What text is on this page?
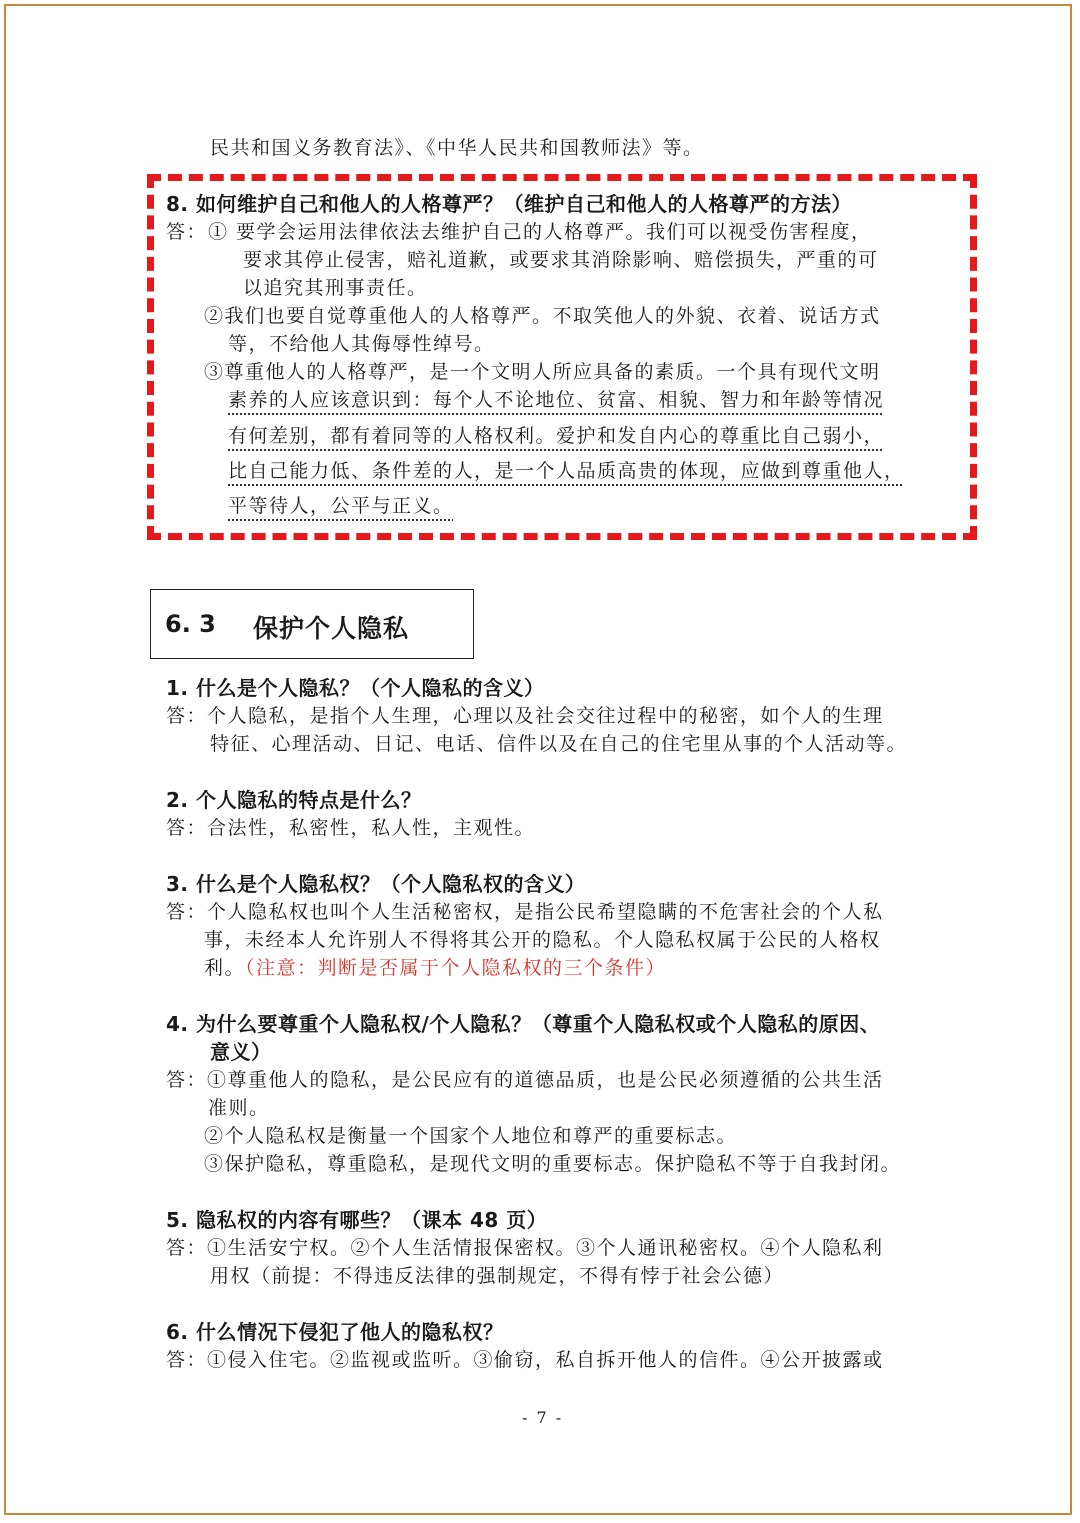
民共和国义务教育法》、《中华人民共和国教师法》等。
8. 如何维护自己和他人的人格尊严？（维护自己和他人的人格尊严的方法）
答： ① 要学会运用法律依法去维护自己的人格尊严。我们可以视受伤害程度，
要求其停止侵害，赔礼道歉，或要求其消除影响、赔偿损失，严重的可
以追究其刑事责任。
②我们也要自觉尊重他人的人格尊严。不取笑他人的外貌、衣着、说话方式
等，不给他人其侮辱性绰号。
③尊重他人的人格尊严，是一个文明人所应具备的素质。一个具有现代文明
素养的人应该意识到：每个人不论地位、贫富、相貌、智力和年龄等情况
有何差别，都有着同等的人格权利。爱护和发自内心的尊重比自己弱小，
比自己能力低、条件差的人，是一个人品质高贵的体现，应做到尊重他人，
平等待人，公平与正义。
6. 3 保护个人隐私
1. 什么是个人隐私？（个人隐私的含义）
答：个人隐私，是指个人生理，心理以及社会交往过程中的秘密，如个人的生理
特征、心理活动、日记、电话、信件以及在自己的住宅里从事的个人活动等。
2. 个人隐私的特点是什么？
答：合法性，私密性，私人性，主观性。
3. 什么是个人隐私权？（个人隐私权的含义）
答：个人隐私权也叫个人生活秘密权，是指公民希望隐瞒的不危害社会的个人私
事，未经本人允许别人不得将其公开的隐私。个人隐私权属于公民的人格权
利。（注意：判断是否属于个人隐私权的三个条件）
4. 为什么要尊重个人隐私权/个人隐私？（尊重个人隐私权或个人隐私的原因、
意义）
答：①尊重他人的隐私，是公民应有的道德品质，也是公民必须遵循的公共生活
准则。
②个人隐私权是衡量一个国家个人地位和尊严的重要标志。
③保护隐私，尊重隐私，是现代文明的重要标志。保护隐私不等于自我封闭。
5. 隐私权的内容有哪些？（课本 48 页）
答：①生活安宁权。②个人生活情报保密权。③个人通讯秘密权。④个人隐私利
用权（前提：不得违反法律的强制规定，不得有悖于社会公德）
6. 什么情况下侵犯了他人的隐私权？
答：①侵入住宅。②监视或监听。③偷窃，私自拆开他人的信件。④公开披露或
- 7 -
